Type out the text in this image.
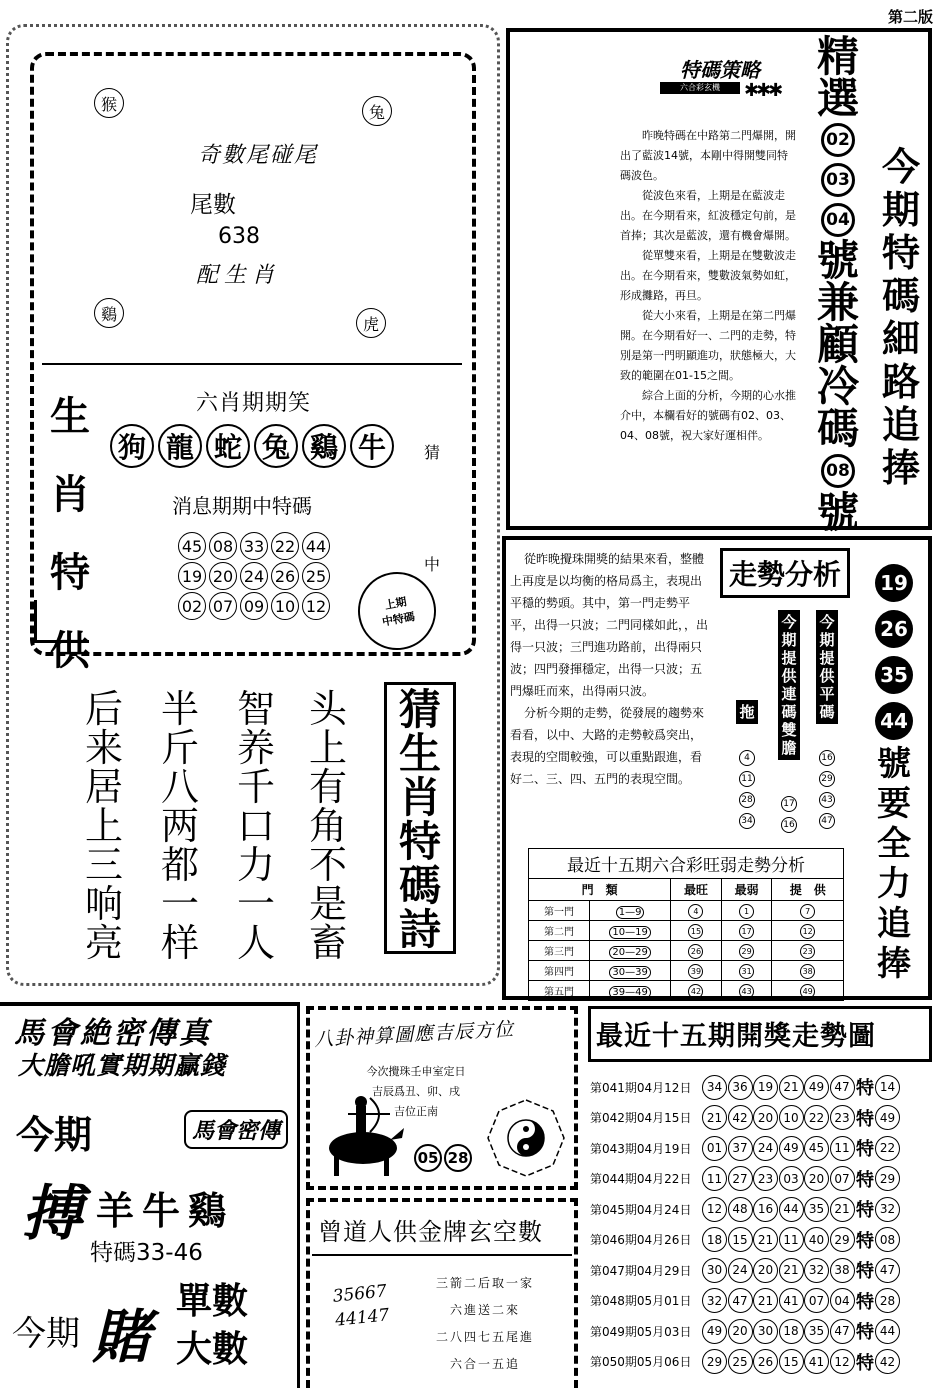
第二版
猴	兔
鷄
虎
奇數尾碰尾
尾數
638
配生肖
生
肖
特
供
六肖期期笑
狗 龍 蛇 兔 鷄 牛	猜
中
消息期期中特碼
45 08 33 22 44
19 20 24 26 25
02 07 09 10 12	上期
中特碼
后
来
居
上
三
响
亮
半
斤
八
两
都
一
样
智
养
千
口
力
一
人
头
上
有
角
不
是
畜
猜
生
肖
特
碼
詩
特碼策略
六合彩玄機	✱✱✱
昨晚特碼在中路第二門爆開，開出了藍波14號，本剛中得開雙同特碼波色。
從波色來看，上期是在藍波走出。在今期看來，紅波穩定句前，是首捧；其次是藍波，還有機會爆開。
從單雙來看，上期是在雙數波走出。在今期看來，雙數波氣勢如虹，形成攤路，再旦。
從大小來看，上期是在第二門爆開。在今期看好一、二門的走勢，特別是第一門明顯進功，狀態極大，大致的範圍在01-15之間。
綜合上面的分析，今期的心水推介中，本欄看好的號碼有02、03、04、08號，祝大家好運相伴。
精
選
02
03
04
號
兼
顧
冷
碼
08
號
今
期
特
碼
細
路
追
捧
從昨晚攪珠開獎的結果來看，整體上再度是以均衡的格局爲主，表現出平穩的勢頭。其中，第一門走勢平平，出得一只波；二門同樣如此，，出得一只波；三門進功路前，出得兩只波；四門發揮穩定，出得一只波；五門爆旺而來，出得兩只波。
分析今期的走勢，從發展的趨勢來看看，以中、大路的走勢較爲突出，表現的空間較強，可以重點跟進，看好二、三、四、五門的表現空間。
走勢分析
拖
4
11
28
34
今
期
提
供
連
碼
雙
膽
17
16
今
期
提
供
平
碼
16
29
43
47
最近十五期六合彩旺弱走勢分析
門　類		最旺	最弱	提　供
第一門	1—9	4	1	7
第二門	10—19	15	17	12
第三門	20—29	26	29	23
第四門	30—39	39	31	38
第五門	39—49	42	43	49
19
26
35
44
號
要
全
力
追
捧
馬會絶密傳真
大膽吼實期期贏錢
今期	馬會密傳
搏 羊牛鷄
特碼33-46
今期 賭
單數
大數
八卦神算圖應吉辰方位
今次攪珠壬申室定日
吉辰爲丑、卯、戌
吉位正南
05 28
曾道人供金牌玄空數
35667
44147
三箭二后取一家
六進送二來
二八四七五尾進
六合一五追
最近十五期開獎走勢圖
第041期04月12日	34 36 19 21 49 47 特 14
第042期04月15日	21 42 20 10 22 23 特 49
第043期04月19日	01 37 24 49 45 11 特 22
第044期04月22日	11 27 23 03 20 07 特 29
第045期04月24日	12 48 16 44 35 21 特 32
第046期04月26日	18 15 21 11 40 29 特 08
第047期04月29日	30 24 20 21 32 38 特 47
第048期05月01日	32 47 21 41 07 04 特 28
第049期05月03日	49 20 30 18 35 47 特 44
第050期05月06日	29 25 26 15 41 12 特 42
